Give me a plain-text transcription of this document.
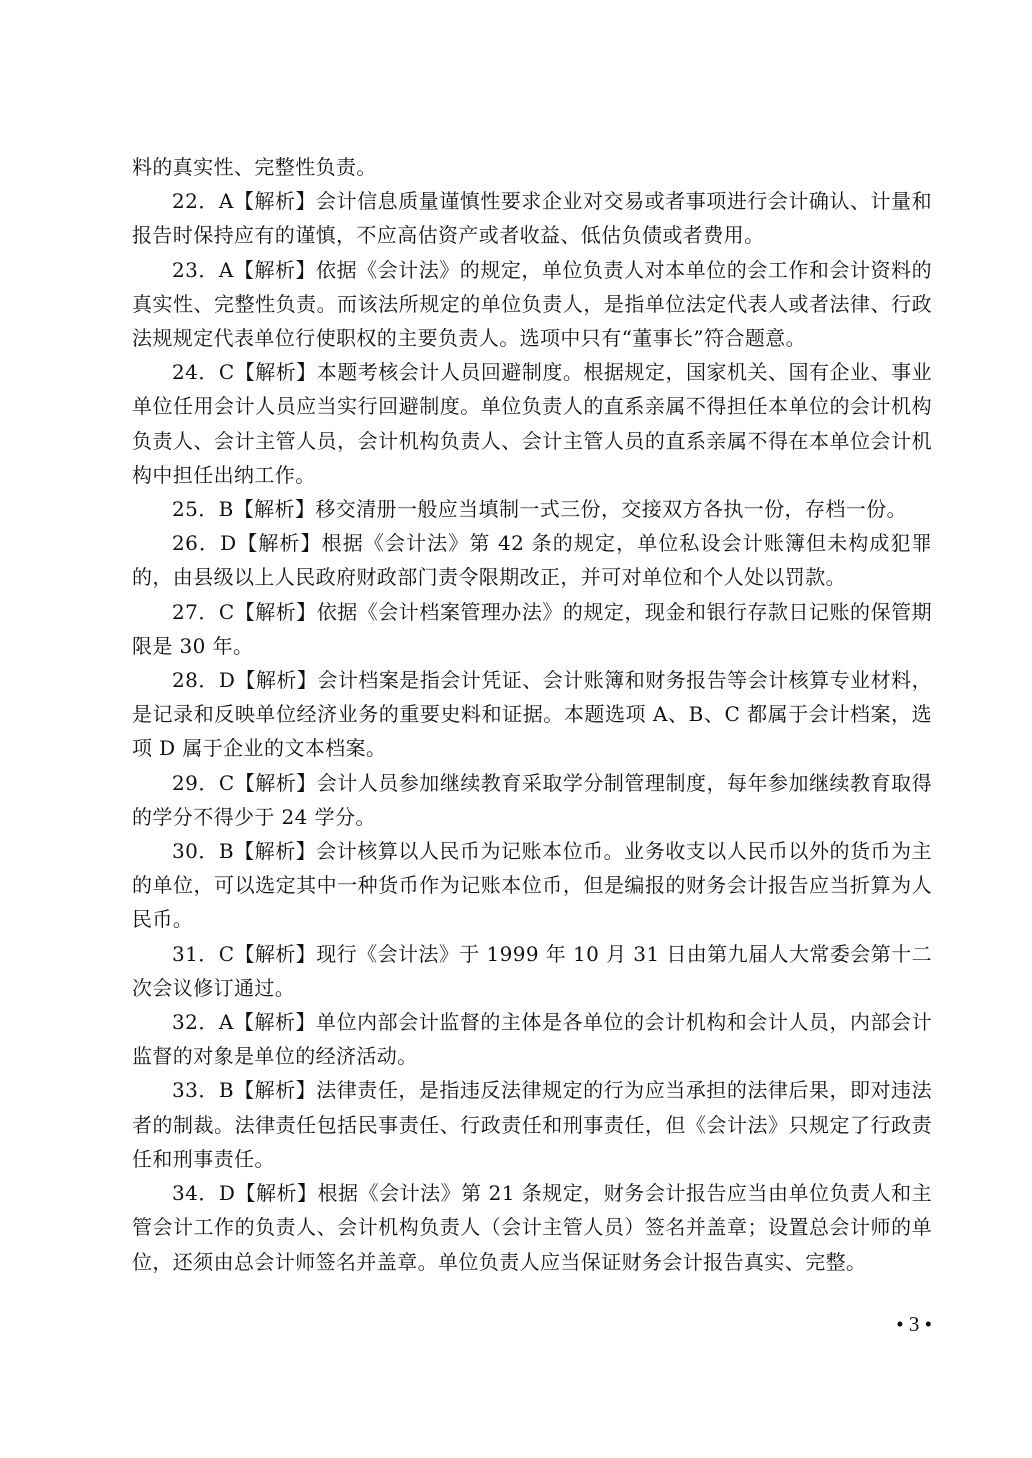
料的真实性、完整性负责。

22．A【解析】会计信息质量谨慎性要求企业对交易或者事项进行会计确认、计量和报告时保持应有的谨慎，不应高估资产或者收益、低估负债或者费用。

23．A【解析】依据《会计法》的规定，单位负责人对本单位的会工作和会计资料的真实性、完整性负责。而该法所规定的单位负责人，是指单位法定代表人或者法律、行政法规规定代表单位行使职权的主要负责人。选项中只有“董事长”符合题意。

24．C【解析】本题考核会计人员回避制度。根据规定，国家机关、国有企业、事业单位任用会计人员应当实行回避制度。单位负责人的直系亲属不得担任本单位的会计机构负责人、会计主管人员，会计机构负责人、会计主管人员的直系亲属不得在本单位会计机构中担任出纳工作。

25．B【解析】移交清册一般应当填制一式三份，交接双方各执一份，存档一份。

26．D【解析】根据《会计法》第 42 条的规定，单位私设会计账簿但未构成犯罪的，由县级以上人民政府财政部门责令限期改正，并可对单位和个人处以罚款。

27．C【解析】依据《会计档案管理办法》的规定，现金和银行存款日记账的保管期限是 30 年。

28．D【解析】会计档案是指会计凭证、会计账簿和财务报告等会计核算专业材料，是记录和反映单位经济业务的重要史料和证据。本题选项 A、B、C 都属于会计档案，选项 D 属于企业的文本档案。

29．C【解析】会计人员参加继续教育采取学分制管理制度，每年参加继续教育取得的学分不得少于 24 学分。

30．B【解析】会计核算以人民币为记账本位币。业务收支以人民币以外的货币为主的单位，可以选定其中一种货币作为记账本位币，但是编报的财务会计报告应当折算为人民币。

31．C【解析】现行《会计法》于 1999 年 10 月 31 日由第九届人大常委会第十二次会议修订通过。

32．A【解析】单位内部会计监督的主体是各单位的会计机构和会计人员，内部会计监督的对象是单位的经济活动。

33．B【解析】法律责任，是指违反法律规定的行为应当承担的法律后果，即对违法者的制裁。法律责任包括民事责任、行政责任和刑事责任，但《会计法》只规定了行政责任和刑事责任。

34．D【解析】根据《会计法》第 21 条规定，财务会计报告应当由单位负责人和主管会计工作的负责人、会计机构负责人（会计主管人员）签名并盖章；设置总会计师的单位，还须由总会计师签名并盖章。单位负责人应当保证财务会计报告真实、完整。

• 3 •
